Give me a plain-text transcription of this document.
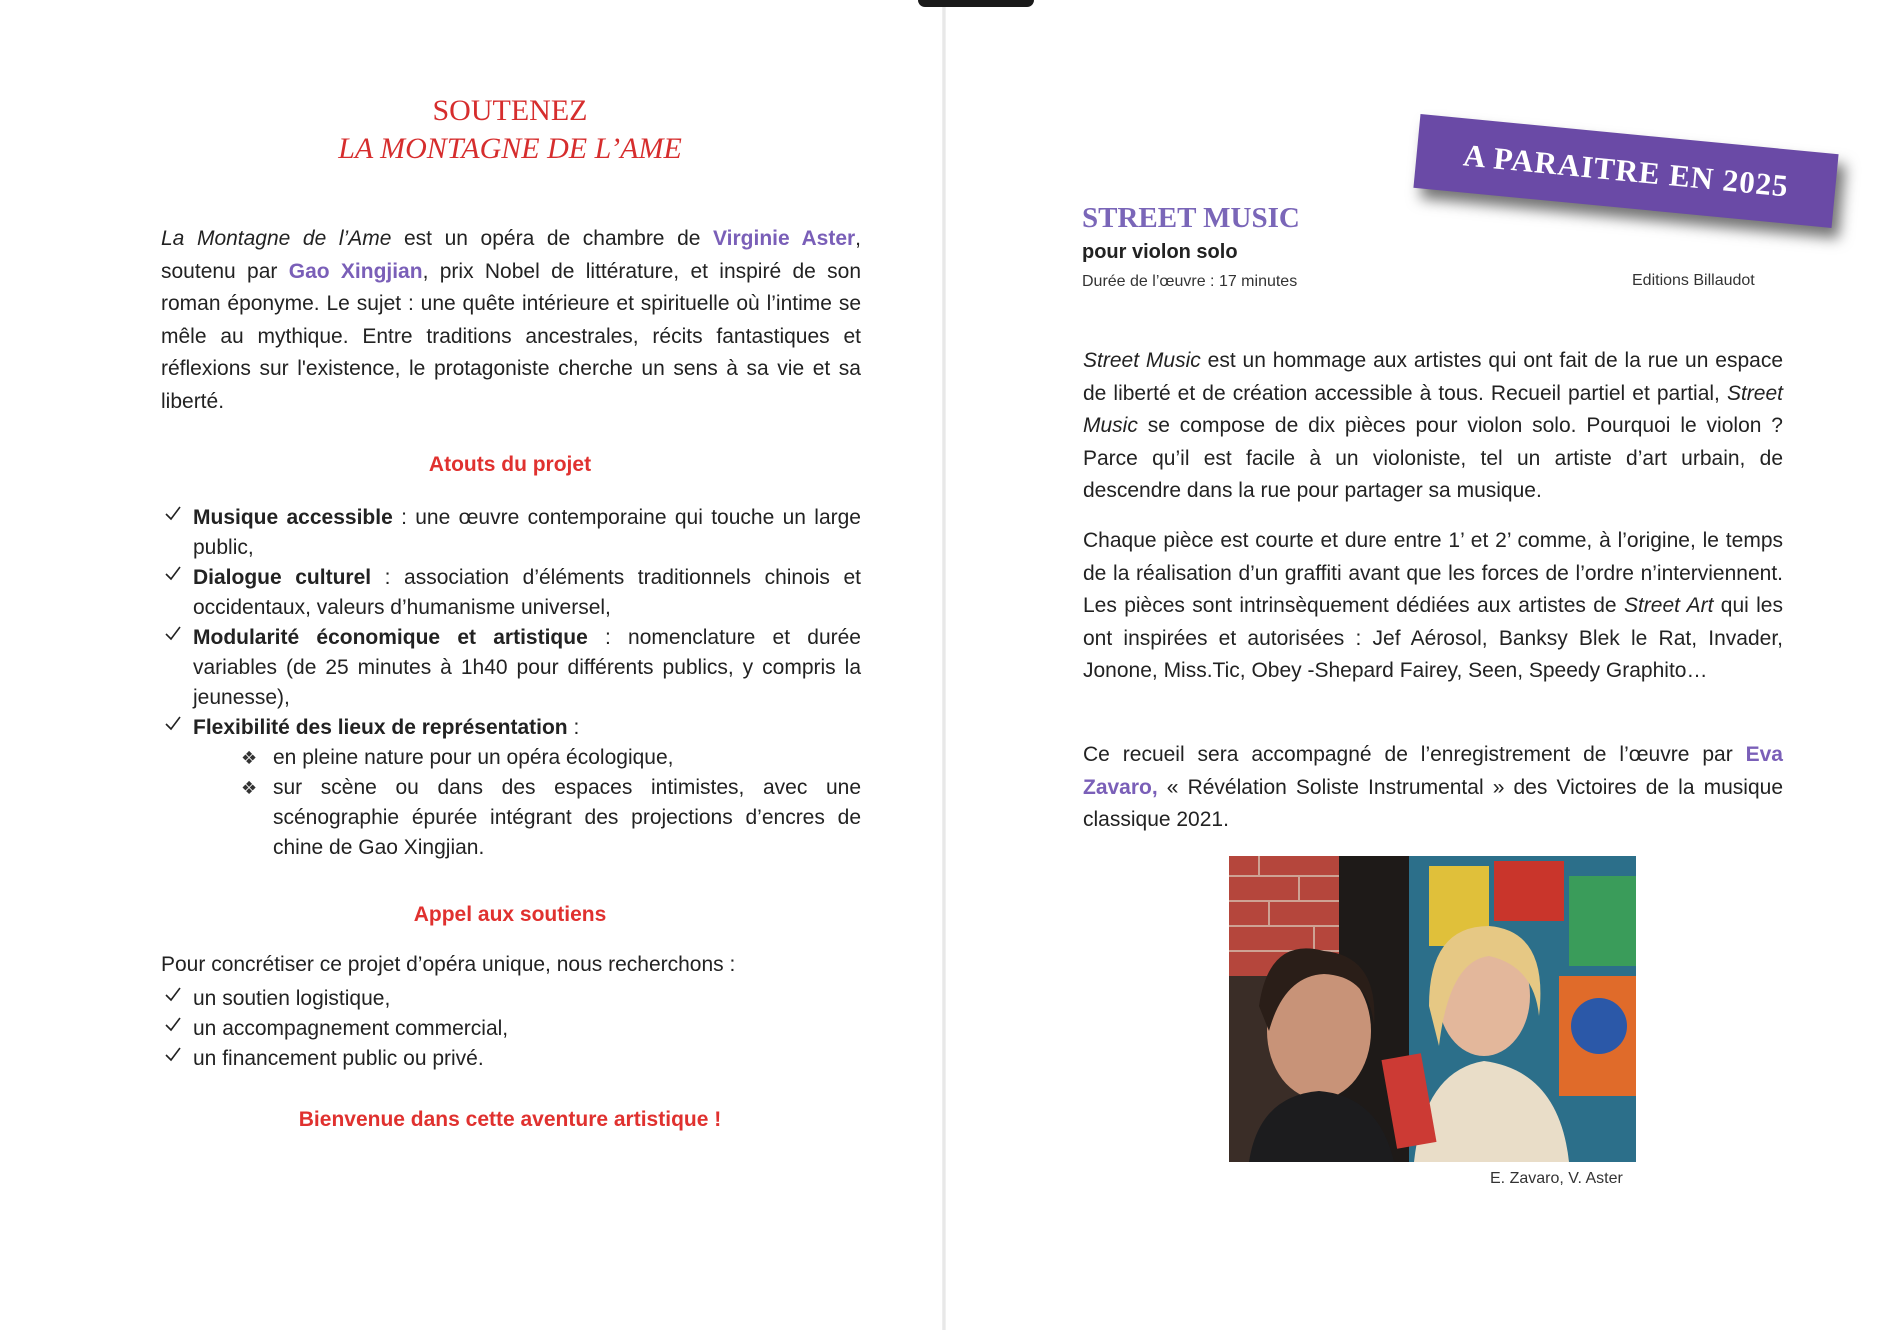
SOUTENEZ
LA MONTAGNE DE L’AME
La Montagne de l’Ame est un opéra de chambre de Virginie Aster, soutenu par Gao Xingjian, prix Nobel de littérature, et inspiré de son roman éponyme. Le sujet : une quête intérieure et spirituelle où l’intime se mêle au mythique. Entre traditions ancestrales, récits fantastiques et réflexions sur l'existence, le protagoniste cherche un sens à sa vie et sa liberté.
Atouts du projet
Musique accessible : une œuvre contemporaine qui touche un large public,
Dialogue culturel : association d’éléments traditionnels chinois et occidentaux, valeurs d’humanisme universel,
Modularité économique et artistique : nomenclature et durée variables (de 25 minutes à 1h40 pour différents publics, y compris la jeunesse),
Flexibilité des lieux de représentation :
❖ en pleine nature pour un opéra écologique,
❖ sur scène ou dans des espaces intimistes, avec une scénographie épurée intégrant des projections d’encres de chine de Gao Xingjian.
Appel aux soutiens
Pour concrétiser ce projet d’opéra unique, nous recherchons :
un soutien logistique,
un accompagnement commercial,
un financement public ou privé.
Bienvenue dans cette aventure artistique !
A PARAITRE EN 2025
STREET MUSIC
pour violon solo
Durée de l’œuvre : 17 minutes	Editions Billaudot
Street Music est un hommage aux artistes qui ont fait de la rue un espace de liberté et de création accessible à tous. Recueil partiel et partial, Street Music se compose de dix pièces pour violon solo. Pourquoi le violon ? Parce qu’il est facile à un violoniste, tel un artiste d’art urbain, de descendre dans la rue pour partager sa musique.
Chaque pièce est courte et dure entre 1’ et 2’ comme, à l’origine, le temps de la réalisation d’un graffiti avant que les forces de l’ordre n’interviennent. Les pièces sont intrinsèquement dédiées aux artistes de Street Art qui les ont inspirées et autorisées : Jef Aérosol, Banksy Blek le Rat, Invader, Jonone, Miss.Tic, Obey -Shepard Fairey, Seen, Speedy Graphito…
Ce recueil sera accompagné de l’enregistrement de l’œuvre par Eva Zavaro, « Révélation Soliste Instrumental » des Victoires de la musique classique 2021.
E. Zavaro, V. Aster
